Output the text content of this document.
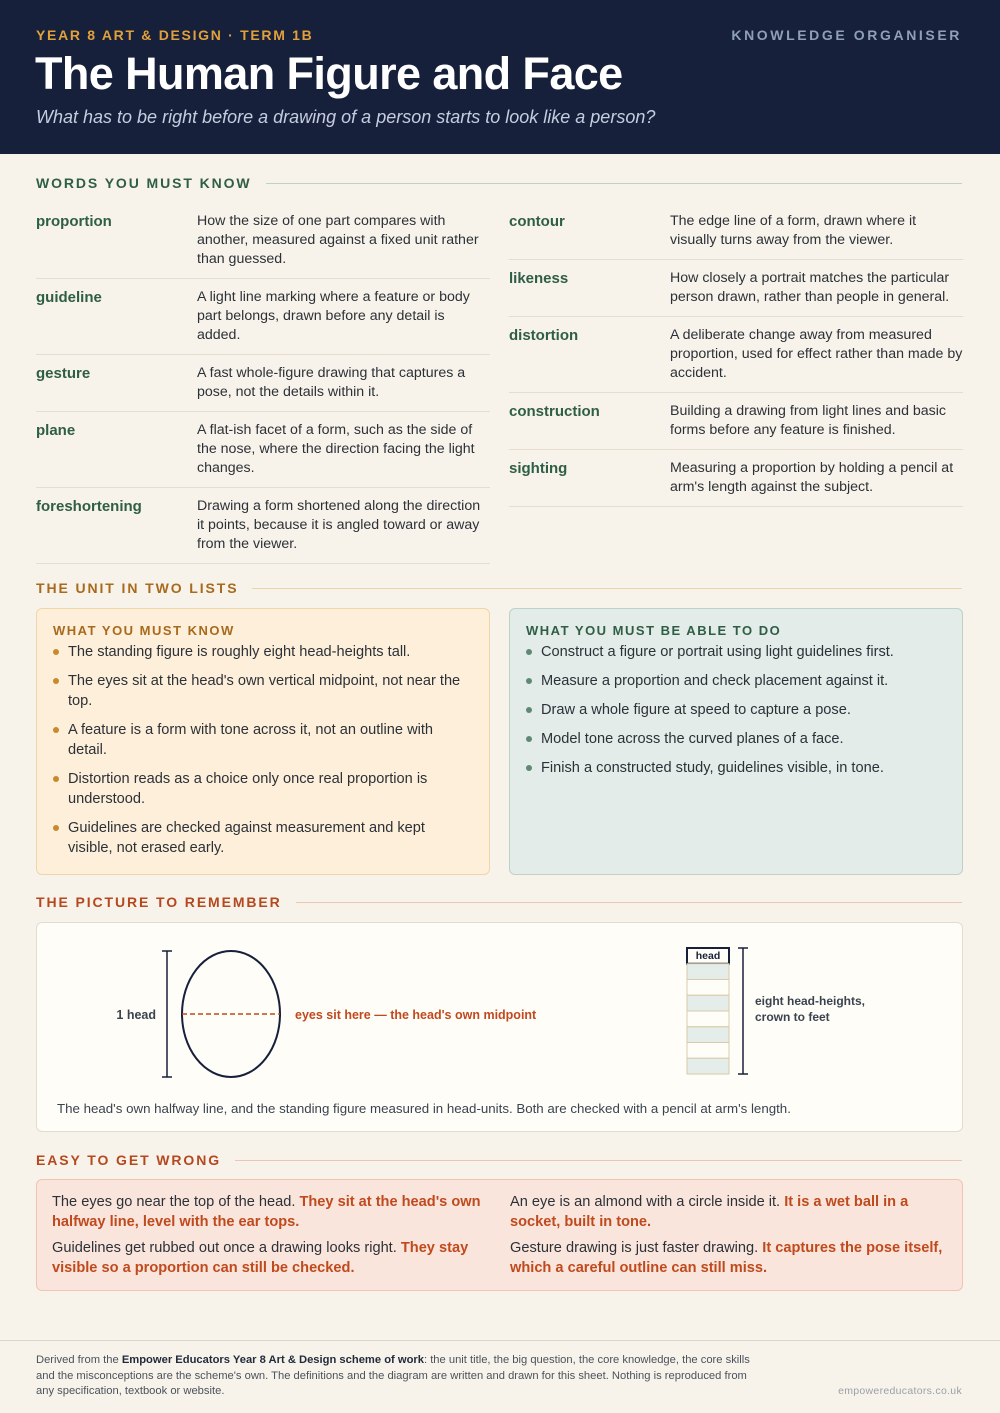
YEAR 8 ART & DESIGN · TERM 1B	KNOWLEDGE ORGANISER
The Human Figure and Face
What has to be right before a drawing of a person starts to look like a person?
WORDS YOU MUST KNOW
proportion	How the size of one part compares with another, measured against a fixed unit rather than guessed.
guideline	A light line marking where a feature or body part belongs, drawn before any detail is added.
gesture	A fast whole-figure drawing that captures a pose, not the details within it.
plane	A flat-ish facet of a form, such as the side of the nose, where the direction facing the light changes.
foreshortening	Drawing a form shortened along the direction it points, because it is angled toward or away from the viewer.
contour	The edge line of a form, drawn where it visually turns away from the viewer.
likeness	How closely a portrait matches the particular person drawn, rather than people in general.
distortion	A deliberate change away from measured proportion, used for effect rather than made by accident.
construction	Building a drawing from light lines and basic forms before any feature is finished.
sighting	Measuring a proportion by holding a pencil at arm's length against the subject.
THE UNIT IN TWO LISTS
WHAT YOU MUST KNOW
The standing figure is roughly eight head-heights tall.
The eyes sit at the head's own vertical midpoint, not near the top.
A feature is a form with tone across it, not an outline with detail.
Distortion reads as a choice only once real proportion is understood.
Guidelines are checked against measurement and kept visible, not erased early.
WHAT YOU MUST BE ABLE TO DO
Construct a figure or portrait using light guidelines first.
Measure a proportion and check placement against it.
Draw a whole figure at speed to capture a pose.
Model tone across the curved planes of a face.
Finish a constructed study, guidelines visible, in tone.
THE PICTURE TO REMEMBER
1 head	eyes sit here — the head's own midpoint
head
eight head-heights,
crown to feet
The head's own halfway line, and the standing figure measured in head-units. Both are checked with a pencil at arm's length.
EASY TO GET WRONG
The eyes go near the top of the head. They sit at the head's own halfway line, level with the ear tops.
An eye is an almond with a circle inside it. It is a wet ball in a socket, built in tone.
Guidelines get rubbed out once a drawing looks right. They stay visible so a proportion can still be checked.
Gesture drawing is just faster drawing. It captures the pose itself, which a careful outline can still miss.
Derived from the Empower Educators Year 8 Art & Design scheme of work: the unit title, the big question, the core knowledge, the core skills and the misconceptions are the scheme's own. The definitions and the diagram are written and drawn for this sheet. Nothing is reproduced from any specification, textbook or website.	empowereducators.co.uk
